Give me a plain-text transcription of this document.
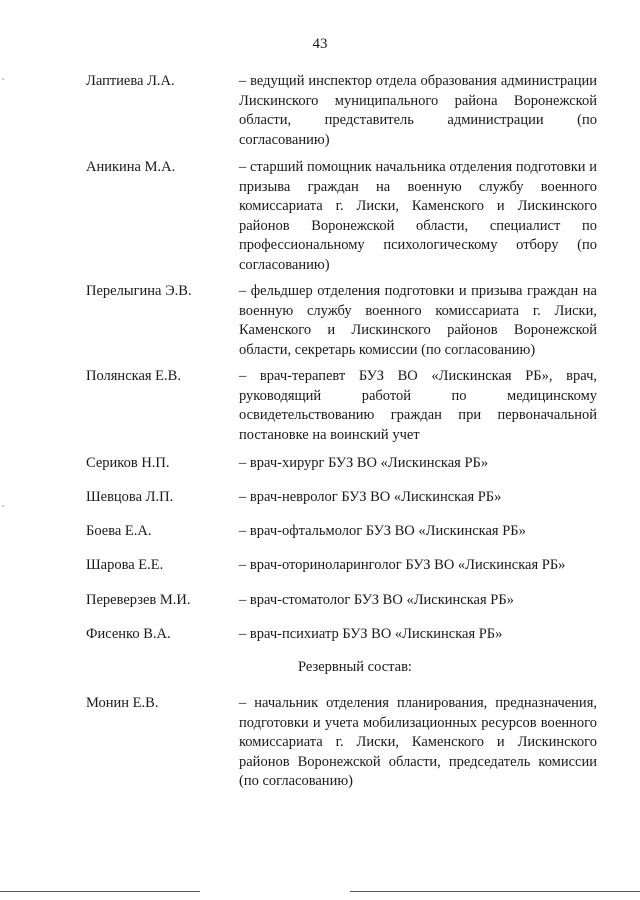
43
Лаптиева Л.А.	– ведущий инспектор отдела образования администрации Лискинского муниципального района Воронежской области, представитель администрации (по согласованию)
Аникина М.А.	– старший помощник начальника отделения подготовки и призыва граждан на военную службу военного комиссариата г. Лиски, Каменского и Лискинского районов Воронежской области, специалист по профессиональному психологическому отбору (по согласованию)
Перелыгина Э.В.	– фельдшер отделения подготовки и призыва граждан на военную службу военного комиссариата г. Лиски, Каменского и Лискинского районов Воронежской области, секретарь комиссии (по согласованию)
Полянская Е.В.	– врач-терапевт БУЗ ВО «Лискинская РБ», врач, руководящий работой по медицинскому освидетельствованию граждан при первоначальной постановке на воинский учет
Сериков Н.П.	– врач-хирург БУЗ ВО «Лискинская РБ»
Шевцова Л.П.	– врач-невролог БУЗ ВО «Лискинская РБ»
Боева Е.А.	– врач-офтальмолог БУЗ ВО «Лискинская РБ»
Шарова Е.Е.	– врач-оториноларинголог БУЗ ВО «Лискинская РБ»
Переверзев М.И.	– врач-стоматолог БУЗ ВО «Лискинская РБ»
Фисенко В.А.	– врач-психиатр БУЗ ВО «Лискинская РБ»
Резервный состав:
Монин Е.В.	– начальник отделения планирования, предназначения, подготовки и учета мобилизационных ресурсов военного комиссариата г. Лиски, Каменского и Лискинского районов Воронежской области, председатель комиссии (по согласованию)
